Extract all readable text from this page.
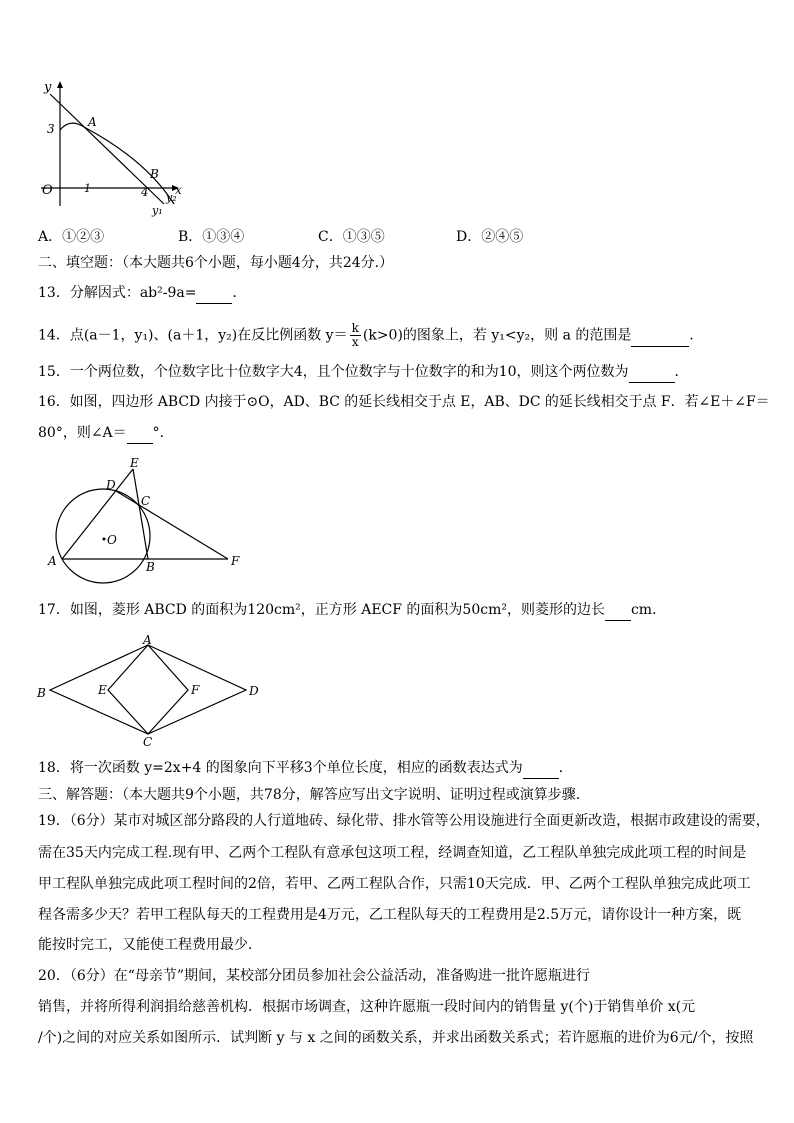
y
x
O
3
1	4
A
B
y₂
y₁
A．①②③	B．①③④	C．①③⑤	D．②④⑤
二、填空题：（本大题共6个小题，每小题4分，共24分.）
13．分解因式：ab²-9a=	．
14．点(a－1，y₁)、(a＋1，y₂)在反比例函数 $y= \frac{k}{x} (k>0)$的图象上，若 y₁<y₂，则 a 的范围是	．
15．一个两位数，个位数字比十位数字大4，且个位数字与十位数字的和为10，则这个两位数为	．
16．如图，四边形 ABCD 内接于⊙O，AD、BC 的延长线相交于点 E，AB、DC 的延长线相交于点 F．若∠E＋∠F＝
80°，则∠A＝ °．
A	B
C
D
E
F
O
17．如图，菱形 ABCD 的面积为120cm²，正方形 AECF 的面积为50cm²，则菱形的边长 cm．
A
B
C
D
E	F
18．将一次函数 y=2x+4 的图象向下平移3个单位长度，相应的函数表达式为	．
三、解答题：（本大题共9个小题，共78分，解答应写出文字说明、证明过程或演算步骤．
19．（6分）某市对城区部分路段的人行道地砖、绿化带、排水管等公用设施进行全面更新改造，根据市政建设的需要，
需在35天内完成工程.现有甲、乙两个工程队有意承包这项工程，经调查知道，乙工程队单独完成此项工程的时间是
甲工程队单独完成此项工程时间的2倍，若甲、乙两工程队合作，只需10天完成．甲、乙两个工程队单独完成此项工
程各需多少天？若甲工程队每天的工程费用是4万元，乙工程队每天的工程费用是2.5万元，请你设计一种方案，既
能按时完工，又能使工程费用最少．
20．（6分）在“母亲节”期间，某校部分团员参加社会公益活动，准备购进一批许愿瓶进行
销售，并将所得利润捐给慈善机构．根据市场调查，这种许愿瓶一段时间内的销售量 y(个)于销售单价 x(元
/个)之间的对应关系如图所示．试判断 y 与 x 之间的函数关系，并求出函数关系式；若许愿瓶的进价为6元/个，按照
